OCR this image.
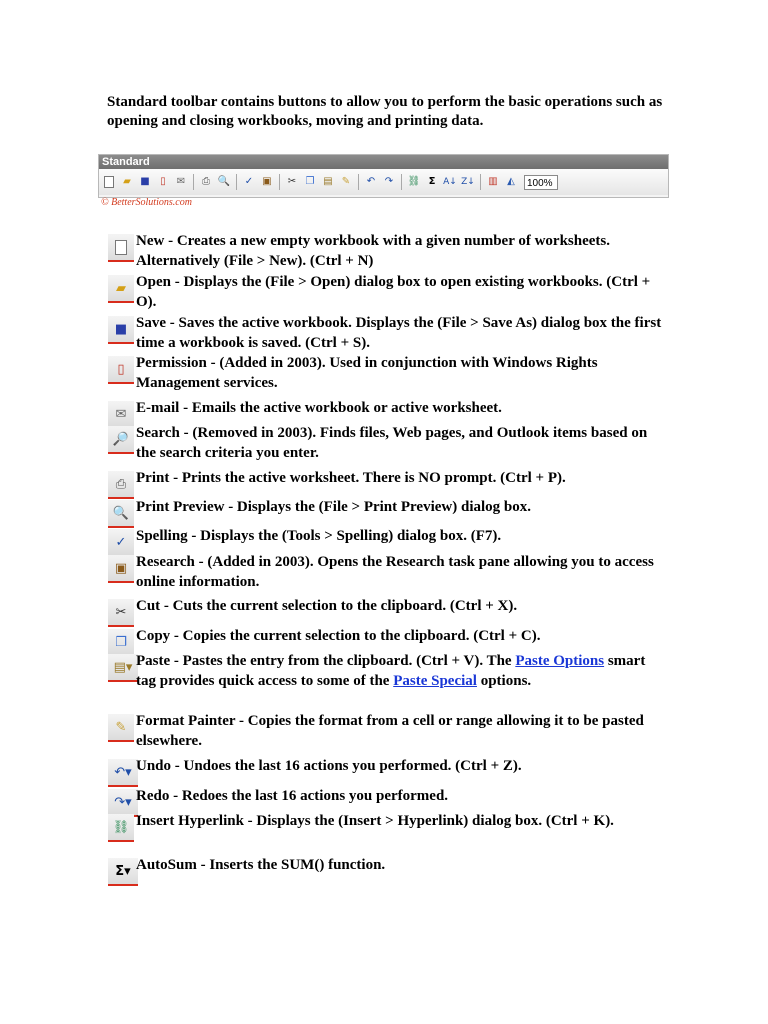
Standard toolbar contains buttons to allow you to perform the basic operations such as opening and closing workbooks, moving and printing data.
Standard
▰ ■	▯	✉	⎙ 🔍 ✓ ▣ ✂ ❐ ▤ ✎ ↶ ↷ ⛓ Σ A↓ Z↓ ▥ ◭	100%
© BetterSolutions.com
New - Creates a new empty workbook with a given number of worksheets. Alternatively (File > New). (Ctrl + N)
▰ Open - Displays the (File > Open) dialog box to open existing workbooks. (Ctrl + O).
■ Save - Saves the active workbook. Displays the (File > Save As) dialog box the first time a workbook is saved. (Ctrl + S).
▯ Permission - (Added in 2003). Used in conjunction with Windows Rights Management services.
✉ E-mail - Emails the active workbook or active worksheet.
🔎 Search - (Removed in 2003). Finds files, Web pages, and Outlook items based on the search criteria you enter.
⎙ Print - Prints the active worksheet. There is NO prompt. (Ctrl + P).
🔍 Print Preview - Displays the (File > Print Preview) dialog box.
✓ Spelling - Displays the (Tools > Spelling) dialog box. (F7).
▣ Research - (Added in 2003). Opens the Research task pane allowing you to access online information.
✂ Cut - Cuts the current selection to the clipboard. (Ctrl + X).
❐ Copy - Copies the current selection to the clipboard. (Ctrl + C).
▤▾ Paste - Pastes the entry from the clipboard. (Ctrl + V). The Paste Options smart tag provides quick access to some of the Paste Special options.
✎ Format Painter - Copies the format from a cell or range allowing it to be pasted elsewhere.
↶▾ Undo - Undoes the last 16 actions you performed. (Ctrl + Z).
↷▾ Redo - Redoes the last 16 actions you performed.
⛓ Insert Hyperlink - Displays the (Insert > Hyperlink) dialog box. (Ctrl + K).
Σ▾ AutoSum - Inserts the SUM() function.
